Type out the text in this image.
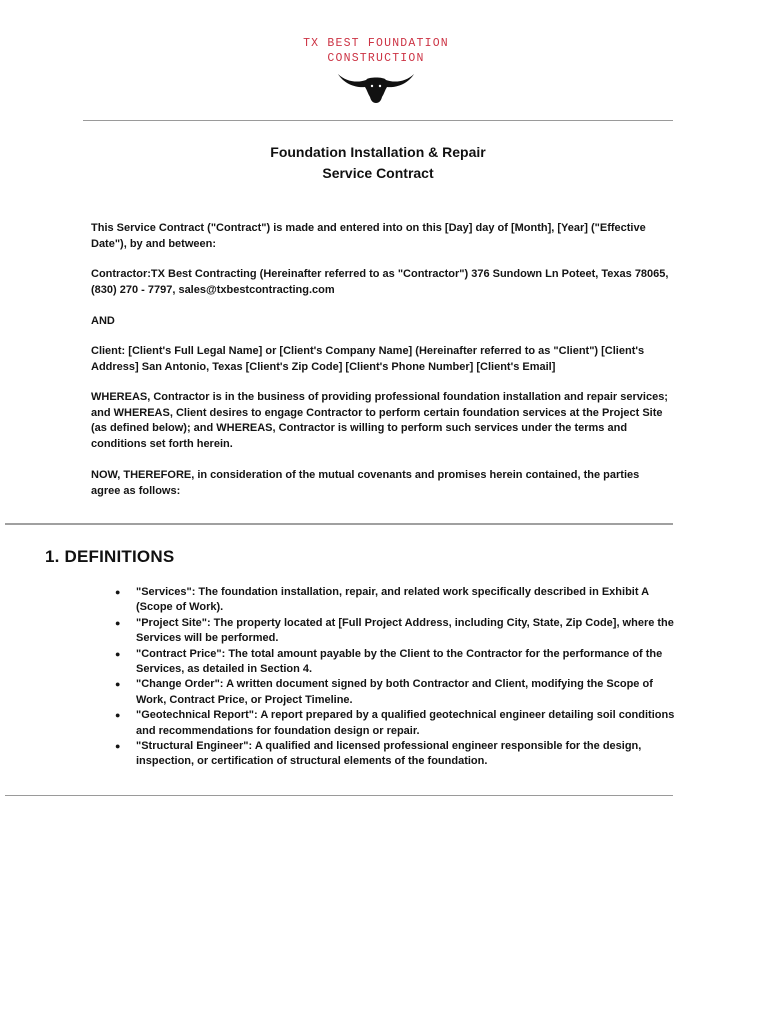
TX BEST FOUNDATION
CONSTRUCTION
Foundation Installation & Repair
Service Contract

This Service Contract ("Contract") is made and entered into on this [Day] day of [Month], [Year] ("Effective Date"), by and between:

Contractor:TX Best Contracting (Hereinafter referred to as "Contractor") 376 Sundown Ln Poteet, Texas 78065, (830) 270 - 7797, sales@txbestcontracting.com

AND

Client: [Client's Full Legal Name] or [Client's Company Name] (Hereinafter referred to as "Client") [Client's Address] San Antonio, Texas [Client's Zip Code] [Client's Phone Number] [Client's Email]

WHEREAS, Contractor is in the business of providing professional foundation installation and repair services; and WHEREAS, Client desires to engage Contractor to perform certain foundation services at the Project Site (as defined below); and WHEREAS, Contractor is willing to perform such services under the terms and conditions set forth herein.

NOW, THEREFORE, in consideration of the mutual covenants and promises herein contained, the parties agree as follows:

1. DEFINITIONS
● "Services": The foundation installation, repair, and related work specifically described in Exhibit A (Scope of Work).
● "Project Site": The property located at [Full Project Address, including City, State, Zip Code], where the Services will be performed.
● "Contract Price": The total amount payable by the Client to the Contractor for the performance of the Services, as detailed in Section 4.
● "Change Order": A written document signed by both Contractor and Client, modifying the Scope of Work, Contract Price, or Project Timeline.
● "Geotechnical Report": A report prepared by a qualified geotechnical engineer detailing soil conditions and recommendations for foundation design or repair.
● "Structural Engineer": A qualified and licensed professional engineer responsible for the design, inspection, or certification of structural elements of the foundation.
